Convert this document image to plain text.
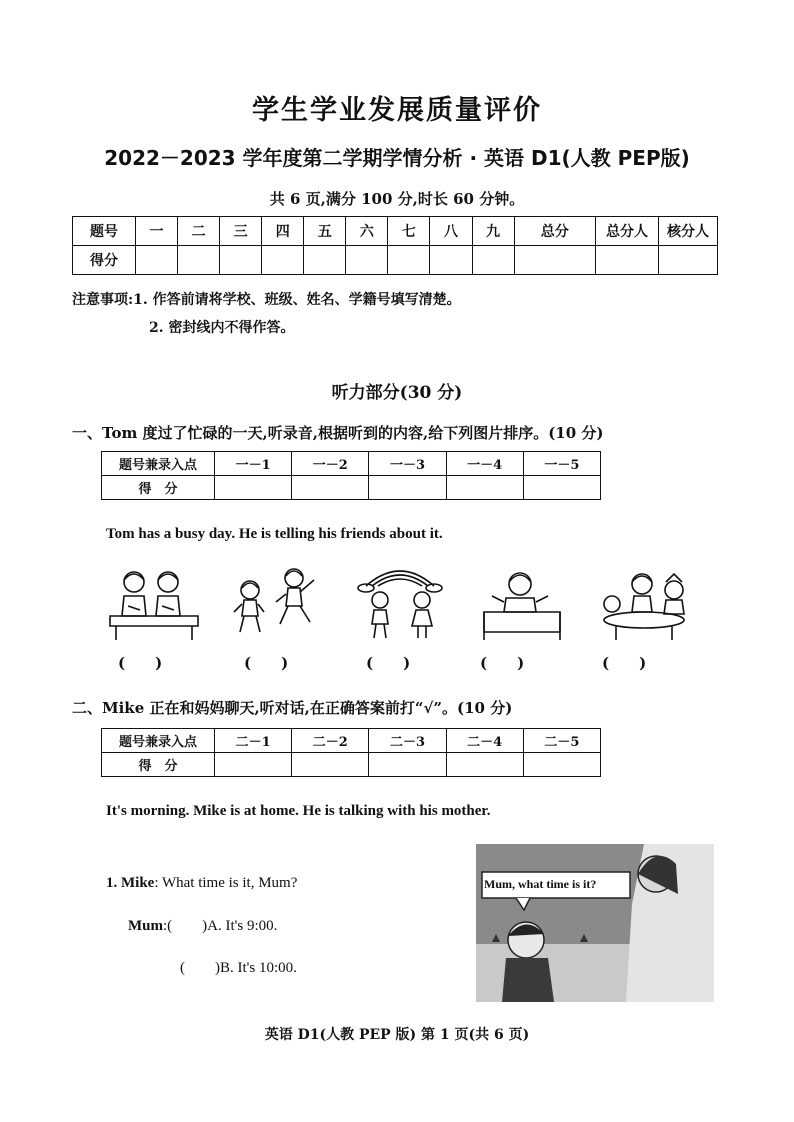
学生学业发展质量评价
2022－2023 学年度第二学期学情分析 · 英语 D1(人教 PEP版)
共 6 页,满分 100 分,时长 60 分钟。
题号	一	二	三	四	五	六	七	八	九	总分	总分人	核分人
得分												
注意事项:1. 作答前请将学校、班级、姓名、学籍号填写清楚。
2. 密封线内不得作答。
听力部分(30 分)
一、Tom 度过了忙碌的一天,听录音,根据听到的内容,给下列图片排序。(10 分)
题号兼录入点	一－1	一－2	一－3	一－4	一－5
得　分					
Tom has a busy day. He is telling his friends about it.
(　　)	(　　)	(　　)	(　　)	(　　)
二、Mike 正在和妈妈聊天,听对话,在正确答案前打“√”。(10 分)
题号兼录入点	二－1	二－2	二－3	二－4	二－5
得　分					
It's morning. Mike is at home. He is talking with his mother.
1. Mike: What time is it, Mum?
Mum:(　　)A. It's 9:00.
(　　)B. It's 10:00.
Mum, what time is it?
英语 D1(人教 PEP 版) 第 1 页(共 6 页)
